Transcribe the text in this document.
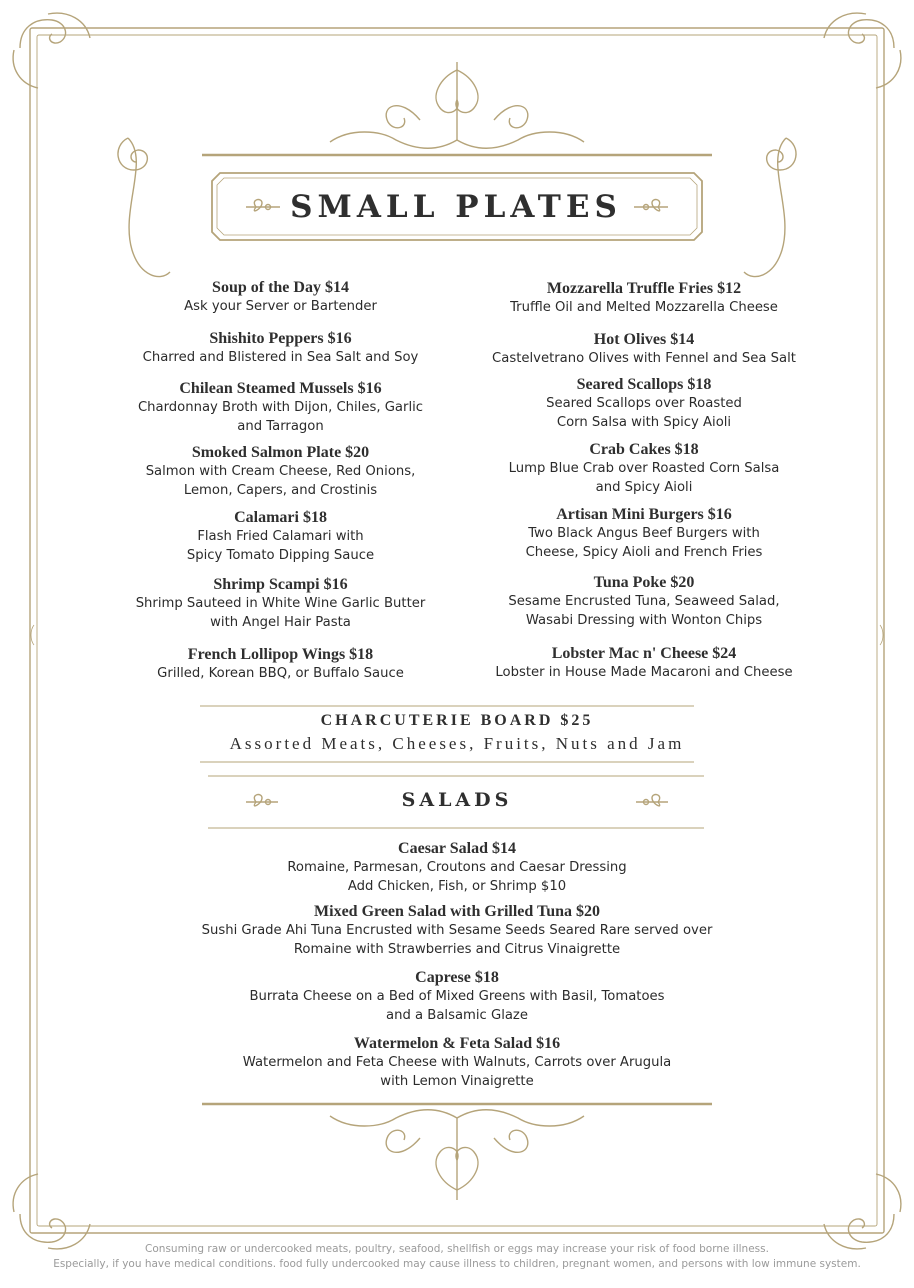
SMALL PLATES
Soup of the Day $14
Ask your Server or Bartender
Shishito Peppers $16
Charred and Blistered in Sea Salt and Soy
Chilean Steamed Mussels $16
Chardonnay Broth with Dijon, Chiles, Garlic
and Tarragon
Smoked Salmon Plate $20
Salmon with Cream Cheese, Red Onions,
Lemon, Capers, and Crostinis
Calamari $18
Flash Fried Calamari with
Spicy Tomato Dipping Sauce
Shrimp Scampi $16
Shrimp Sauteed in White Wine Garlic Butter
with Angel Hair Pasta
French Lollipop Wings $18
Grilled, Korean BBQ, or Buffalo Sauce
Mozzarella Truffle Fries $12
Truffle Oil and Melted Mozzarella Cheese
Hot Olives $14
Castelvetrano Olives with Fennel and Sea Salt
Seared Scallops $18
Seared Scallops over Roasted
Corn Salsa with Spicy Aioli
Crab Cakes $18
Lump Blue Crab over Roasted Corn Salsa
and Spicy Aioli
Artisan Mini Burgers $16
Two Black Angus Beef Burgers with
Cheese, Spicy Aioli and French Fries
Tuna Poke $20
Sesame Encrusted Tuna, Seaweed Salad,
Wasabi Dressing with Wonton Chips
Lobster Mac n' Cheese $24
Lobster in House Made Macaroni and Cheese
CHARCUTERIE BOARD $25
Assorted Meats, Cheeses, Fruits, Nuts and Jam
SALADS
Caesar Salad $14
Romaine, Parmesan, Croutons and Caesar Dressing
Add Chicken, Fish, or Shrimp $10
Mixed Green Salad with Grilled Tuna $20
Sushi Grade Ahi Tuna Encrusted with Sesame Seeds Seared Rare served over
Romaine with Strawberries and Citrus Vinaigrette
Caprese $18
Burrata Cheese on a Bed of Mixed Greens with Basil, Tomatoes
and a Balsamic Glaze
Watermelon & Feta Salad $16
Watermelon and Feta Cheese with Walnuts, Carrots over Arugula
with Lemon Vinaigrette
Consuming raw or undercooked meats, poultry, seafood, shellfish or eggs may increase your risk of food borne illness.
Especially, if you have medical conditions. food fully undercooked may cause illness to children, pregnant women, and persons with low immune system.
